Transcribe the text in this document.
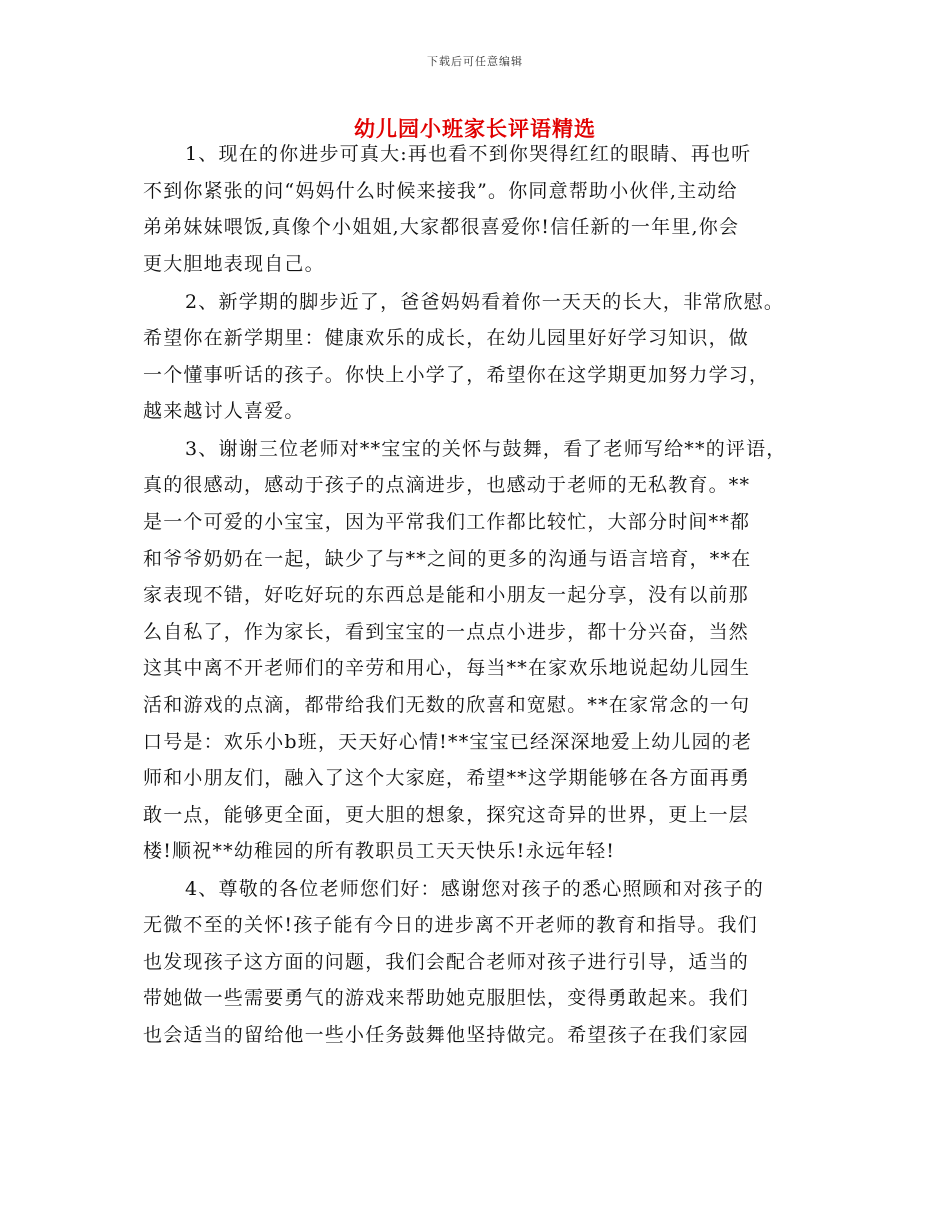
下载后可任意编辑
幼儿园小班家长评语精选
1、现在的你进步可真大:再也看不到你哭得红红的眼睛、再也听
不到你紧张的问“妈妈什么时候来接我”。你同意帮助小伙伴,主动给
弟弟妹妹喂饭,真像个小姐姐,大家都很喜爱你!信任新的一年里,你会
更大胆地表现自己。
2、新学期的脚步近了，爸爸妈妈看着你一天天的长大，非常欣慰。
希望你在新学期里：健康欢乐的成长，在幼儿园里好好学习知识，做
一个懂事听话的孩子。你快上小学了，希望你在这学期更加努力学习，
越来越讨人喜爱。
3、谢谢三位老师对**宝宝的关怀与鼓舞，看了老师写给**的评语，
真的很感动，感动于孩子的点滴进步，也感动于老师的无私教育。**
是一个可爱的小宝宝，因为平常我们工作都比较忙，大部分时间**都
和爷爷奶奶在一起，缺少了与**之间的更多的沟通与语言培育，**在
家表现不错，好吃好玩的东西总是能和小朋友一起分享，没有以前那
么自私了，作为家长，看到宝宝的一点点小进步，都十分兴奋，当然
这其中离不开老师们的辛劳和用心，每当**在家欢乐地说起幼儿园生
活和游戏的点滴，都带给我们无数的欣喜和宽慰。**在家常念的一句
口号是：欢乐小b班，天天好心情!**宝宝已经深深地爱上幼儿园的老
师和小朋友们，融入了这个大家庭，希望**这学期能够在各方面再勇
敢一点，能够更全面，更大胆的想象，探究这奇异的世界，更上一层
楼!顺祝**幼稚园的所有教职员工天天快乐!永远年轻!
4、尊敬的各位老师您们好：感谢您对孩子的悉心照顾和对孩子的
无微不至的关怀!孩子能有今日的进步离不开老师的教育和指导。我们
也发现孩子这方面的问题，我们会配合老师对孩子进行引导，适当的
带她做一些需要勇气的游戏来帮助她克服胆怯，变得勇敢起来。我们
也会适当的留给他一些小任务鼓舞他坚持做完。希望孩子在我们家园
